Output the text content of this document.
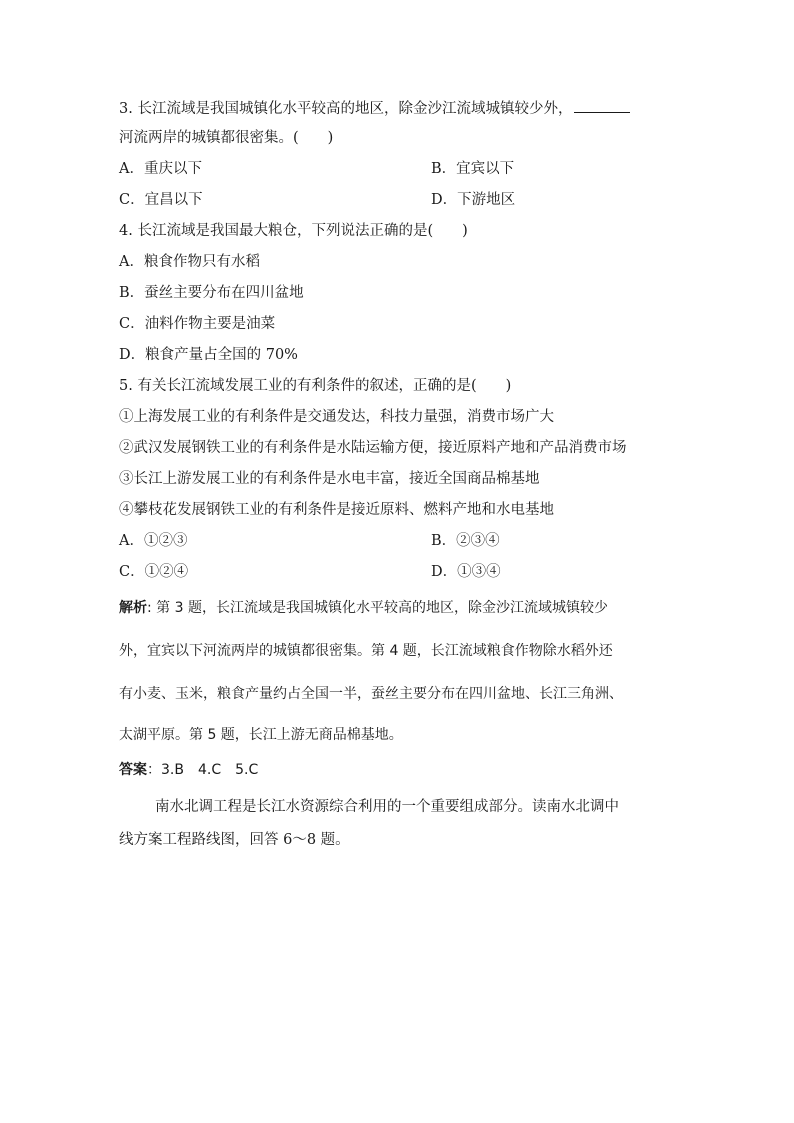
3. 长江流域是我国城镇化水平较高的地区，除金沙江流域城镇较少外，
河流两岸的城镇都很密集。(　　)
A．重庆以下	B．宜宾以下
C．宜昌以下	D．下游地区
4. 长江流域是我国最大粮仓，下列说法正确的是(　　)
A．粮食作物只有水稻
B．蚕丝主要分布在四川盆地
C．油料作物主要是油菜
D．粮食产量占全国的 70%
5. 有关长江流域发展工业的有利条件的叙述，正确的是(　　)
①上海发展工业的有利条件是交通发达，科技力量强，消费市场广大
②武汉发展钢铁工业的有利条件是水陆运输方便，接近原料产地和产品消费市场
③长江上游发展工业的有利条件是水电丰富，接近全国商品棉基地
④攀枝花发展钢铁工业的有利条件是接近原料、燃料产地和水电基地
A．①②③	B．②③④
C．①②④	D．①③④
解析: 第 3 题，长江流域是我国城镇化水平较高的地区，除金沙江流域城镇较少
外，宜宾以下河流两岸的城镇都很密集。第 4 题，长江流域粮食作物除水稻外还
有小麦、玉米，粮食产量约占全国一半，蚕丝主要分布在四川盆地、长江三角洲、
太湖平原。第 5 题，长江上游无商品棉基地。
答案：3.B　4.C　5.C
南水北调工程是长江水资源综合利用的一个重要组成部分。读南水北调中
线方案工程路线图，回答 6～8 题。
